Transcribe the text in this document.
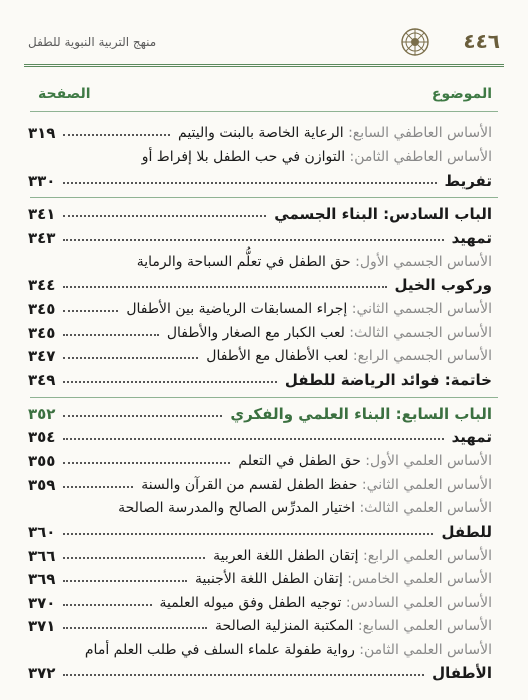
٤٤٦
منهج التربية النبوية للطفل
الموضوع
الصفحة
الأساس العاطفي السابع: الرعاية الخاصة بالبنت واليتيم
٣١٩
الأساس العاطفي الثامن: التوازن في حب الطفل بلا إفراط أو
تفريط
٣٣٠
الباب السادس: البناء الجسمي
٣٤١
تمهيد
٣٤٣
الأساس الجسمي الأول: حق الطفل في تعلُّم السباحة والرماية
وركوب الخيل
٣٤٤
الأساس الجسمي الثاني: إجراء المسابقات الرياضية بين الأطفال
٣٤٥
الأساس الجسمي الثالث: لعب الكبار مع الصغار والأطفال
٣٤٥
الأساس الجسمي الرابع: لعب الأطفال مع الأطفال
٣٤٧
خاتمة: فوائد الرياضة للطفل
٣٤٩
الباب السابع: البناء العلمي والفكري
٣٥٢
تمهيد
٣٥٤
الأساس العلمي الأول: حق الطفل في التعلم
٣٥٥
الأساس العلمي الثاني: حفظ الطفل لقسم من القرآن والسنة
٣٥٩
الأساس العلمي الثالث: اختيار المدرِّس الصالح والمدرسة الصالحة
للطفل
٣٦٠
الأساس العلمي الرابع: إتقان الطفل اللغة العربية
٣٦٦
الأساس العلمي الخامس: إتقان الطفل اللغة الأجنبية
٣٦٩
الأساس العلمي السادس: توجيه الطفل وفق ميوله العلمية
٣٧٠
الأساس العلمي السابع: المكتبة المنزلية الصالحة
٣٧١
الأساس العلمي الثامن: رواية طفولة علماء السلف في طلب العلم أمام
الأطفال
٣٧٢
